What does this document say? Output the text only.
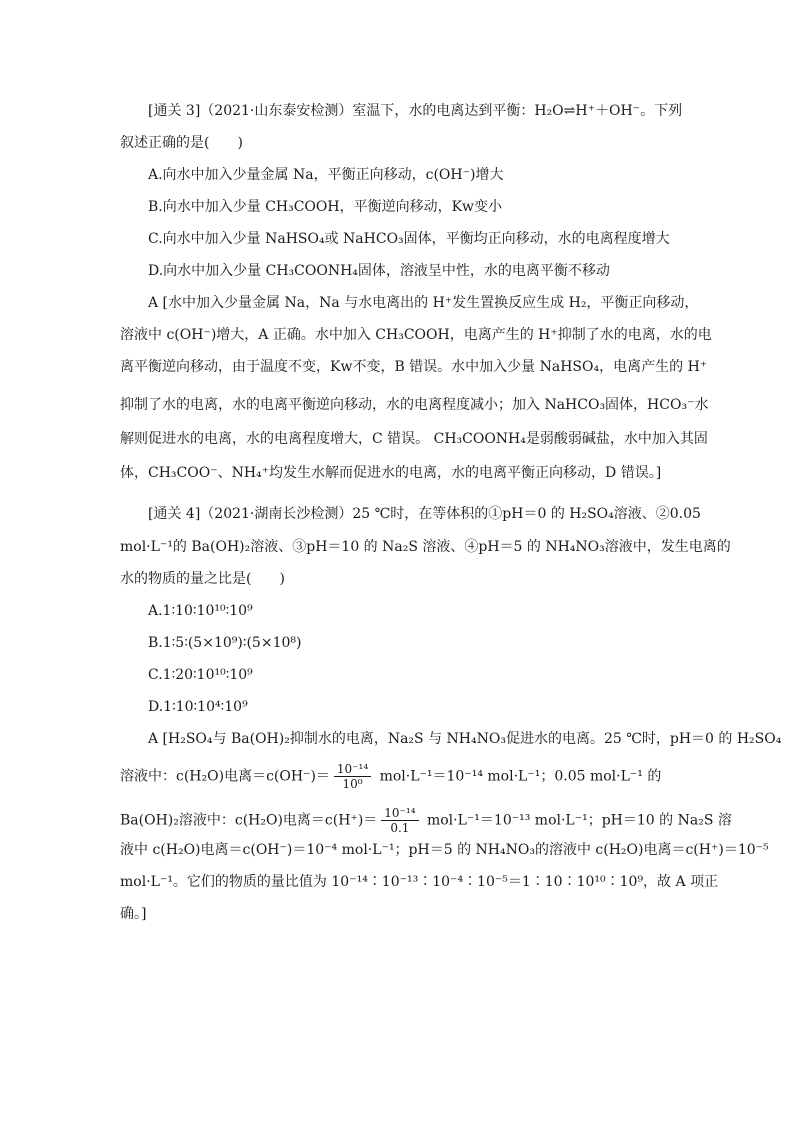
[通关 3]（2021·山东泰安检测）室温下，水的电离达到平衡：H₂O⇌H⁺＋OH⁻。下列
叙述正确的是(　　)
A.向水中加入少量金属 Na，平衡正向移动，c(OH⁻)增大
B.向水中加入少量 CH₃COOH，平衡逆向移动，Kw变小
C.向水中加入少量 NaHSO₄或 NaHCO₃固体，平衡均正向移动，水的电离程度增大
D.向水中加入少量 CH₃COONH₄固体，溶液呈中性，水的电离平衡不移动
A [水中加入少量金属 Na，Na 与水电离出的 H⁺发生置换反应生成 H₂，平衡正向移动，
溶液中 c(OH⁻)增大，A 正确。水中加入 CH₃COOH，电离产生的 H⁺抑制了水的电离，水的电
离平衡逆向移动，由于温度不变，Kw不变，B 错误。水中加入少量 NaHSO₄，电离产生的 H⁺
抑制了水的电离，水的电离平衡逆向移动，水的电离程度减小；加入 NaHCO₃固体，HCO₃⁻水
解则促进水的电离，水的电离程度增大，C 错误。 CH₃COONH₄是弱酸弱碱盐，水中加入其固
体，CH₃COO⁻、NH₄⁺均发生水解而促进水的电离，水的电离平衡正向移动，D 错误。]
[通关 4]（2021·湖南长沙检测）25 ℃时，在等体积的①pH＝0 的 H₂SO₄溶液、②0.05
mol·L⁻¹的 Ba(OH)₂溶液、③pH＝10 的 Na₂S 溶液、④pH＝5 的 NH₄NO₃溶液中，发生电离的
水的物质的量之比是(　　)
A.1∶10∶10¹⁰∶10⁹
B.1∶5∶(5×10⁹)∶(5×10⁸)
C.1∶20∶10¹⁰∶10⁹
D.1∶10∶10⁴∶10⁹
A [H₂SO₄与 Ba(OH)₂抑制水的电离，Na₂S 与 NH₄NO₃促进水的电离。25 ℃时，pH＝0 的 H₂SO₄
溶液中：c(H₂O)电离$=c(OH^-)= \frac{\text{10⁻¹⁴}}{\text{10⁰}} mol\cdot L^{-1}=10^{-14}$ mol·L⁻¹；0.05 mol·L⁻¹ 的
Ba(OH)₂溶液中：c(H₂O)电离$=c(H^+)= \frac{\text{10⁻¹⁴}}{0.1} mol\cdot L^{-1}=10^{-13}$ mol·L⁻¹；pH＝10 的 Na₂S 溶
液中 c(H₂O)电离＝c(OH⁻)＝10⁻⁴ mol·L⁻¹；pH＝5 的 NH₄NO₃的溶液中 c(H₂O)电离＝c(H⁺)＝10⁻⁵
mol·L⁻¹。它们的物质的量比值为 10⁻¹⁴∶10⁻¹³∶10⁻⁴∶10⁻⁵＝1∶10∶10¹⁰∶10⁹，故 A 项正
确。]
